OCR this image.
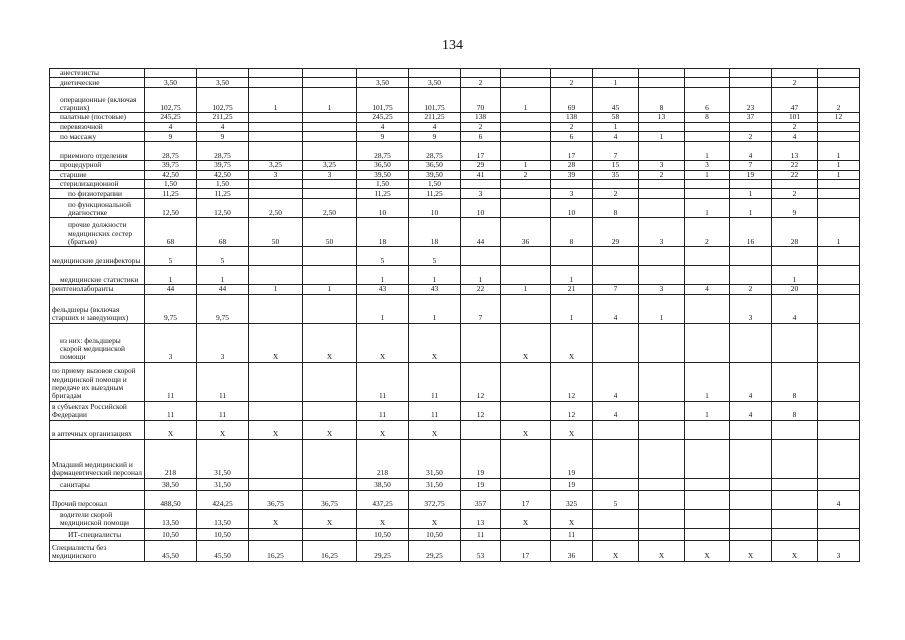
134
анестезисты															
диетические	3,50	3,50			3,50	3,50	2		2	1				2	
операционные (включая старших)	102,75	102,75	1	1	101,75	101,75	70	1	69	45	8	6	23	47	2
палатные (постовые)	245,25	211,25			245,25	211,25	138		138	58	13	8	37	101	12
перевязочной	4	4			4	4	2		2	1				2	
по массажу	9	9			9	9	6		6	4	1		2	4	
приемного отделения	28,75	28,75			28,75	28,75	17		17	7		1	4	13	1
процедурной	39,75	39,75	3,25	3,25	36,50	36,50	29	1	28	15	3	3	7	22	1
старшие	42,50	42,50	3	3	39,50	39,50	41	2	39	35	2	1	19	22	1
стерилизационной	1,50	1,50			1,50	1,50									
по физиотерапии	11,25	11,25			11,25	11,25	3		3	2			1	2	
по функциональной диагностике	12,50	12,50	2,50	2,50	10	10	10		10	8		1	1	9	
прочие должности медицинских сестер (братьев)	68	68	50	50	18	18	44	36	8	29	3	2	16	28	1
медицинские дезинфекторы	5	5			5	5									
медицинские статистики	1	1			1	1	1		1					1	
рентгенолаборанты	44	44	1	1	43	43	22	1	21	7	3	4	2	20	
фельдшеры (включая старших и заведующих)	9,75	9,75			1	1	7		1	4	1		3	4	
из них: фельдшеры скорой медицинской помощи	3	3	X	X	X	X		X	X						
по приему вызовов скорой медицинской помощи и передаче их выездным бригадам	11	11			11	11	12		12	4		1	4	8	
в субъектах Российской Федерации	11	11			11	11	12		12	4		1	4	8	
в аптечных организациях	X	X	X	X	X	X		X	X						
Младший медицинский и фармацевтический персонал	218	31,50			218	31,50	19		19						
санитары	38,50	31,50			38,50	31,50	19		19						
Прочий персонал	488,50	424,25	36,75	36,75	437,25	372,75	357	17	325	5					4
водители скорой медицинской помощи	13,50	13,50	X	X	X	X	13	X	X						
ИТ-специалисты	10,50	10,50			10,50	10,50	11		11						
Специалисты без медицинского	45,50	45,50	16,25	16,25	29,25	29,25	53	17	36	X	X	X	X	X	3
